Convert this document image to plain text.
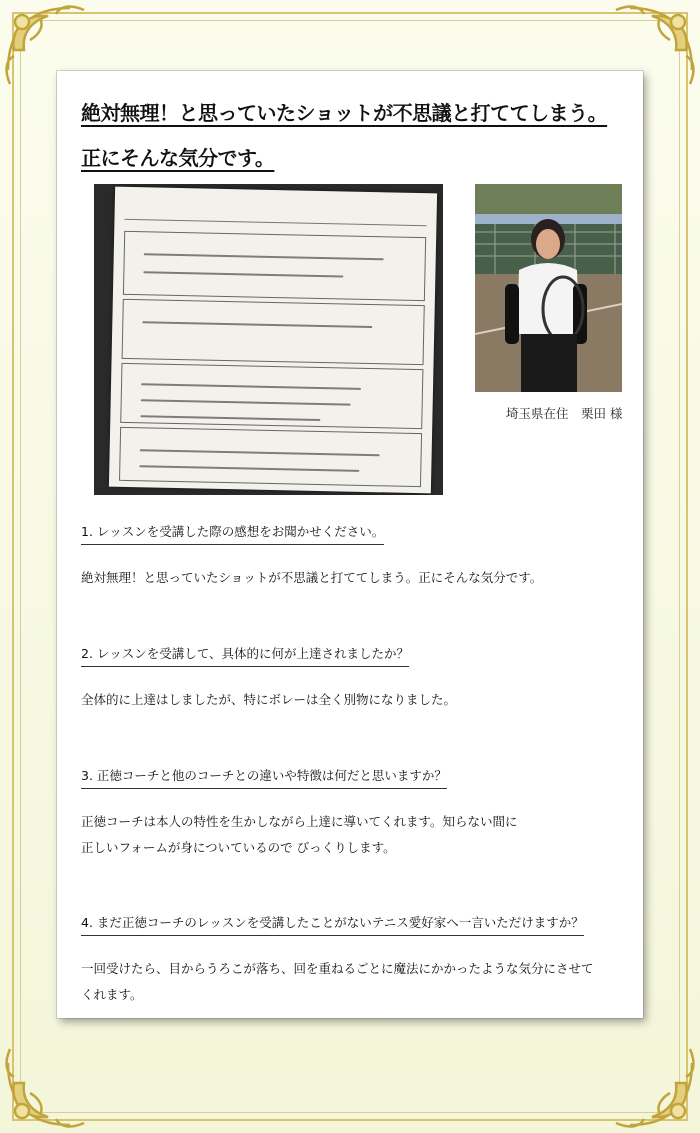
絶対無理！と思っていたショットが不思議と打ててしまう。
正にそんな気分です。
埼玉県在住　栗田 様
1. レッスンを受講した際の感想をお聞かせください。
絶対無理！と思っていたショットが不思議と打ててしまう。正にそんな気分です。
2. レッスンを受講して、具体的に何が上達されましたか？
全体的に上達はしましたが、特にボレーは全く別物になりました。
3. 正徳コーチと他のコーチとの違いや特徴は何だと思いますか？
正徳コーチは本人の特性を生かしながら上達に導いてくれます。知らない間に
正しいフォームが身についているので びっくりします。
4. まだ正徳コーチのレッスンを受講したことがないテニス愛好家へ一言いただけますか？
一回受けたら、目からうろこが落ち、回を重ねるごとに魔法にかかったような気分にさせて
くれます。
